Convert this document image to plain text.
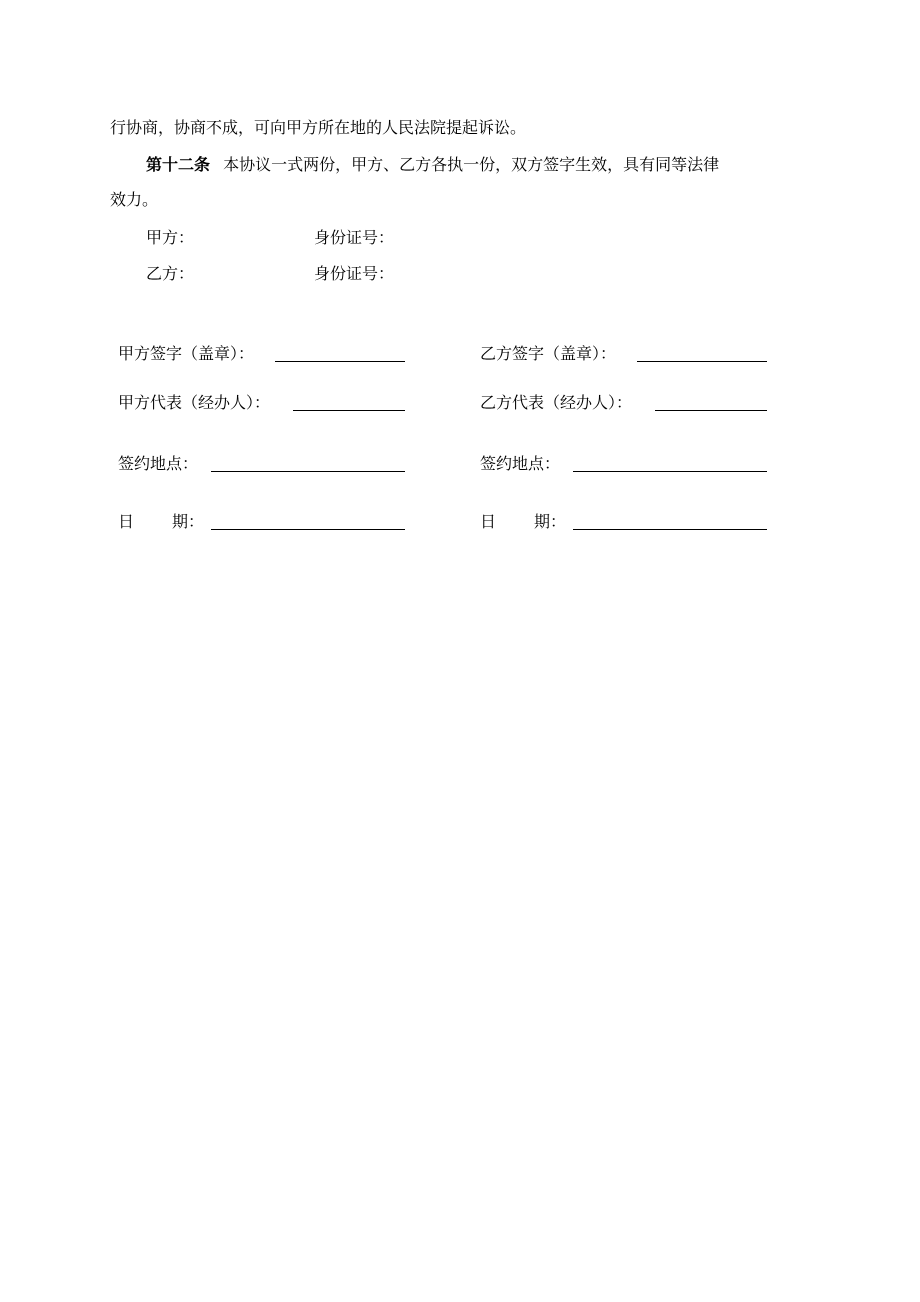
行协商，协商不成，可向甲方所在地的人民法院提起诉讼。
第十二条 本协议一式两份，甲方、乙方各执一份，双方签字生效，具有同等法律
效力。
甲方：	身份证号：
乙方：	身份证号：
甲方签字（盖章）：
甲方代表（经办人）：
签约地点：
日 期：
乙方签字（盖章）：
乙方代表（经办人）：
签约地点：
日 期：
